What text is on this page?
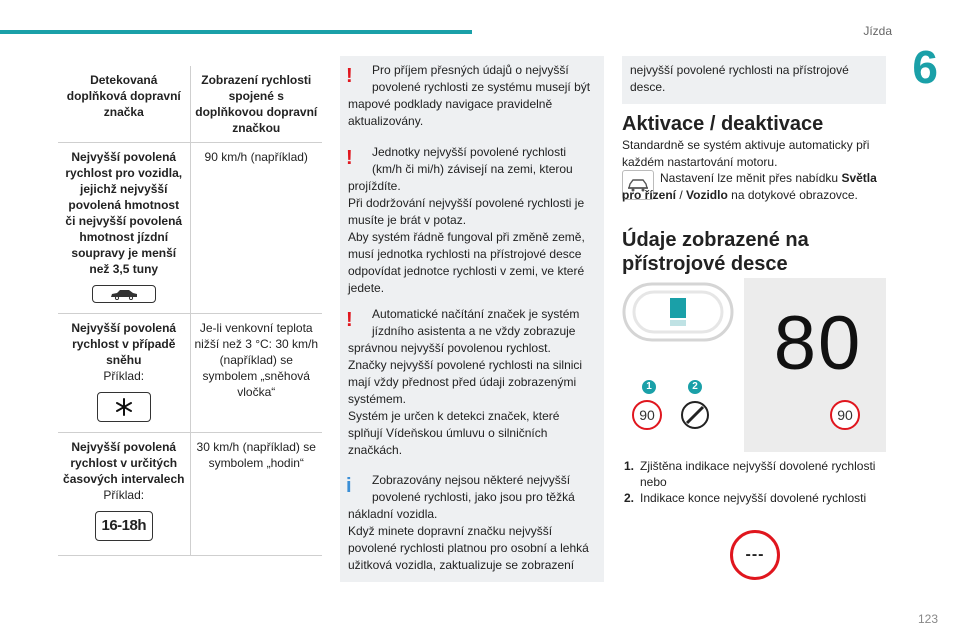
Jízda
6
123
Detekovaná doplňková dopravní značka	Zobrazení rychlosti spojené s doplňkovou dopravní značkou

Nejvyšší povolená rychlost pro vozidla, jejichž nejvyšší povolená hmotnost či nejvyšší povolená hmotnost jízdní soupravy je menší než 3,5 tuny	90 km/h (například)

Nejvyšší povolená rychlost v případě sněhu
Příklad:	Je-li venkovní teplota nižší než 3 °C: 30 km/h (například) se symbolem „sněhová vločka“

Nejvyšší povolená rychlost v určitých časových intervalech
Příklad:
16-18h	30 km/h (například) se symbolem „hodin“
!	Pro příjem přesných údajů o nejvyšší povolené rychlosti ze systému musejí být

mapové podklady navigace pravidelně aktualizovány.

!	Jednotky nejvyšší povolené rychlosti (km/h či mi/h) závisejí na zemi, kterou

projíždíte.

Při dodržování nejvyšší povolené rychlosti je musíte je brát v potaz.

Aby systém řádně fungoval při změně země, musí jednotka rychlosti na přístrojové desce odpovídat jednotce rychlosti v zemi, ve které jedete.

!	Automatické načítání značek je systém jízdního asistenta a ne vždy zobrazuje

správnou nejvyšší povolenou rychlost.

Značky nejvyšší povolené rychlosti na silnici mají vždy přednost před údaji zobrazenými systémem.

Systém je určen k detekci značek, které splňují Vídeňskou úmluvu o silničních značkách.

i	Zobrazovány nejsou některé nejvyšší povolené rychlosti, jako jsou pro těžká

nákladní vozidla.

Když minete dopravní značku nejvyšší povolené rychlosti platnou pro osobní a lehká užitková vozidla, zaktualizuje se zobrazení

nejvyšší povolené rychlosti na přístrojové desce.

Aktivace / deaktivace
Standardně se systém aktivuje automaticky při každém nastartování motoru.
Nastavení lze měnit přes nabídku Světla pro řízení / Vozidlo na dotykové obrazovce.
Údaje zobrazené na
přístrojové desce
1	2
90
80
90
1. Zjištěna indikace nejvyšší dovolené rychlosti
nebo
2. Indikace konce nejvyšší dovolené rychlosti
---
